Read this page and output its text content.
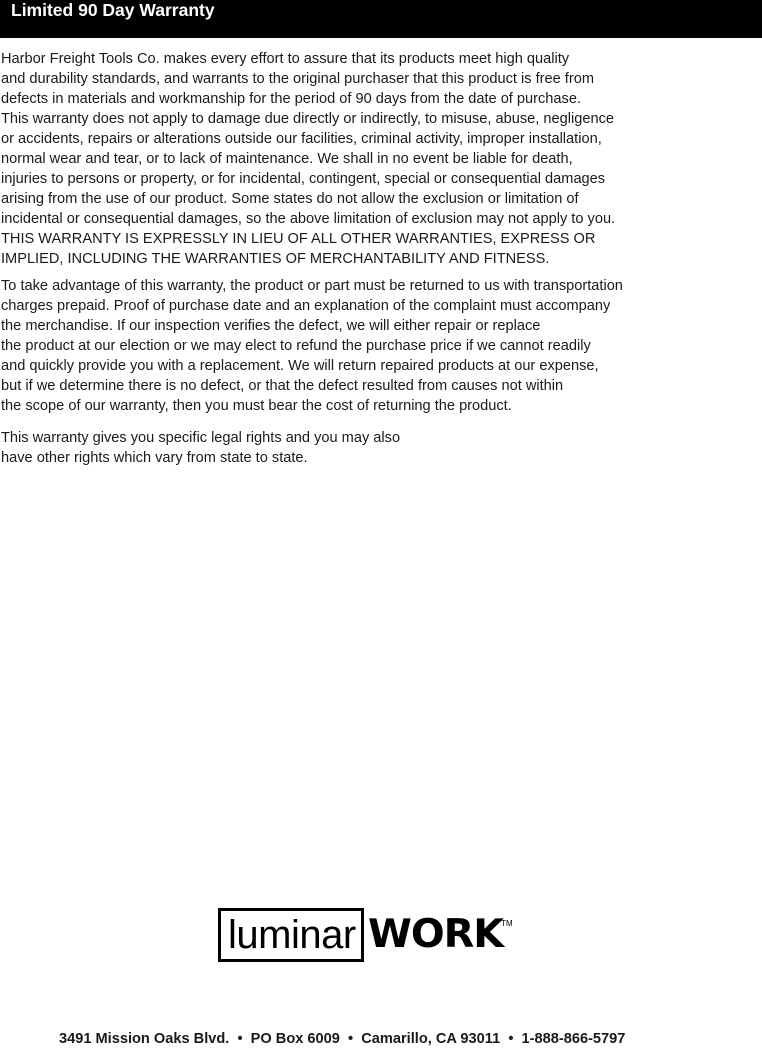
Limited 90 Day Warranty
Harbor Freight Tools Co. makes every effort to assure that its products meet high quality
and durability standards, and warrants to the original purchaser that this product is free from
defects in materials and workmanship for the period of 90 days from the date of purchase.
This warranty does not apply to damage due directly or indirectly, to misuse, abuse, negligence
or accidents, repairs or alterations outside our facilities, criminal activity, improper installation,
normal wear and tear, or to lack of maintenance. We shall in no event be liable for death,
injuries to persons or property, or for incidental, contingent, special or consequential damages
arising from the use of our product. Some states do not allow the exclusion or limitation of
incidental or consequential damages, so the above limitation of exclusion may not apply to you.
THIS WARRANTY IS EXPRESSLY IN LIEU OF ALL OTHER WARRANTIES, EXPRESS OR
IMPLIED, INCLUDING THE WARRANTIES OF MERCHANTABILITY AND FITNESS.
To take advantage of this warranty, the product or part must be returned to us with transportation
charges prepaid. Proof of purchase date and an explanation of the complaint must accompany
the merchandise. If our inspection verifies the defect, we will either repair or replace
the product at our election or we may elect to refund the purchase price if we cannot readily
and quickly provide you with a replacement. We will return repaired products at our expense,
but if we determine there is no defect, or that the defect resulted from causes not within
the scope of our warranty, then you must bear the cost of returning the product.
This warranty gives you specific legal rights and you may also
have other rights which vary from state to state.
luminar WORK
TM
3491 Mission Oaks Blvd.  •  PO Box 6009  •  Camarillo, CA 93011  •  1-888-866-5797
